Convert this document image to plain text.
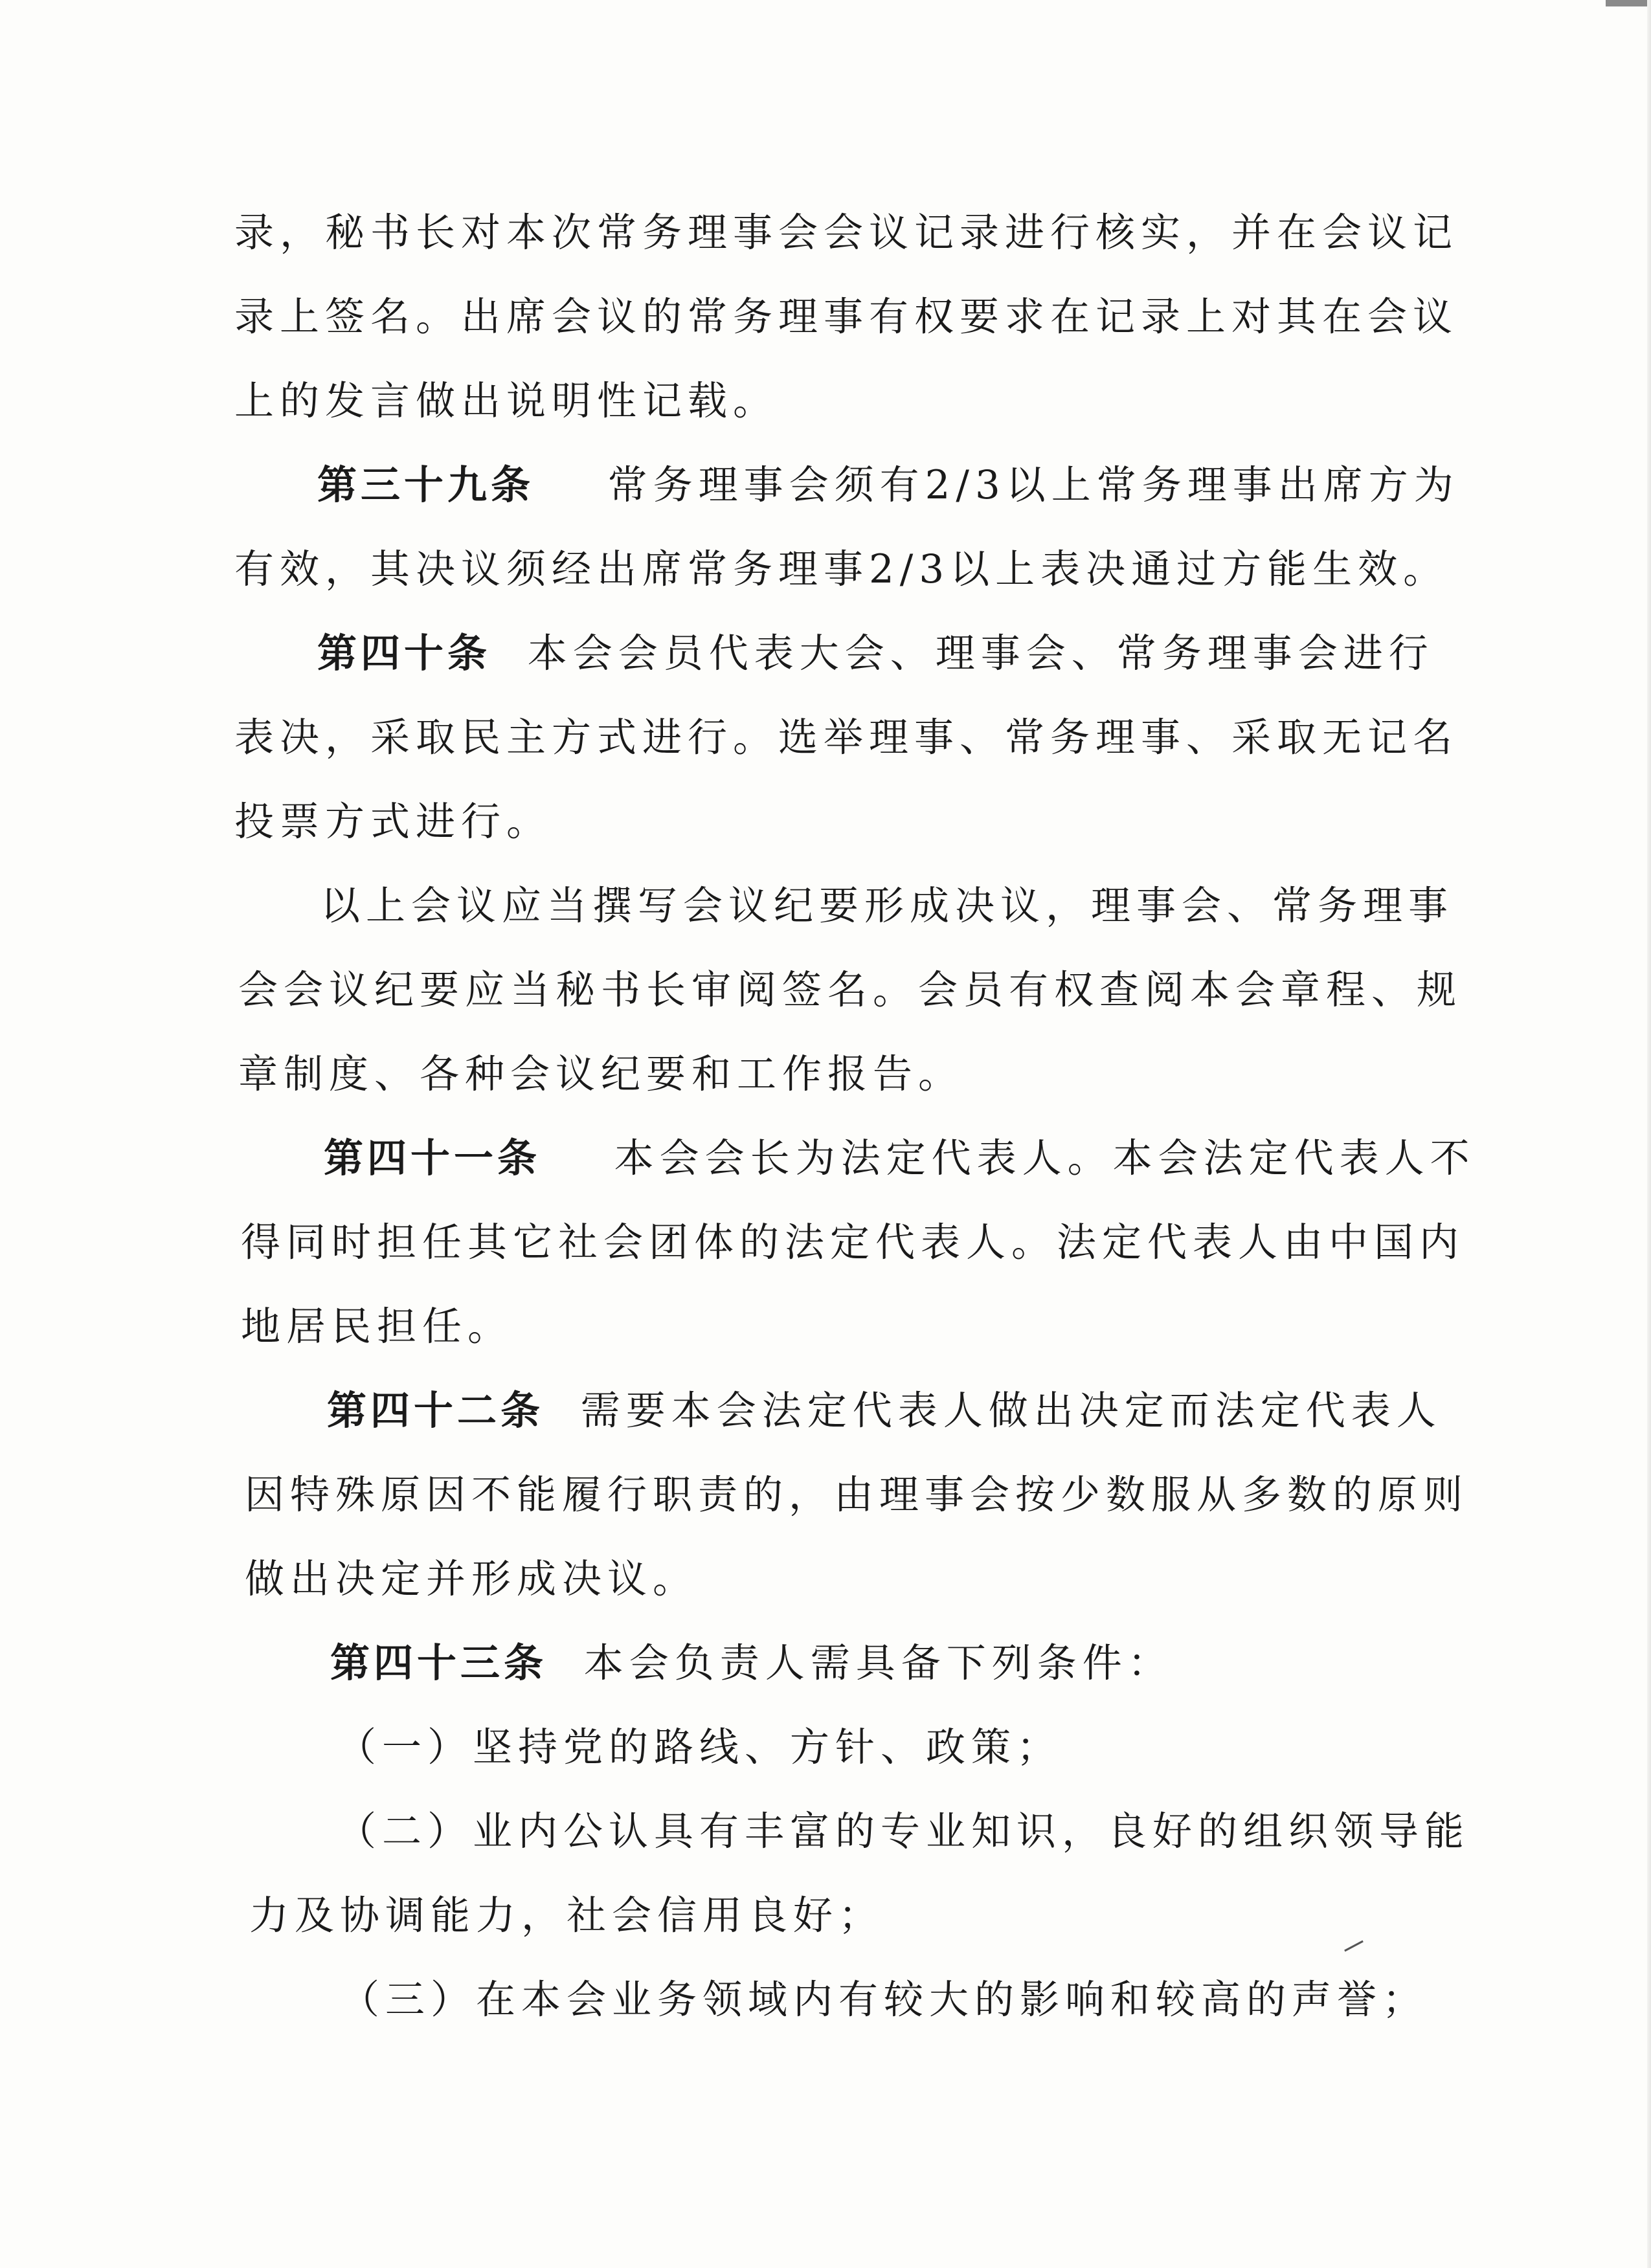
录，秘书长对本次常务理事会会议记录进行核实，并在会议记

录上签名。出席会议的常务理事有权要求在记录上对其在会议

上的发言做出说明性记载。

第三十九条 常务理事会须有2/3以上常务理事出席方为

有效，其决议须经出席常务理事2/3以上表决通过方能生效。

第四十条 本会会员代表大会、理事会、常务理事会进行

表决，采取民主方式进行。选举理事、常务理事、采取无记名

投票方式进行。

以上会议应当撰写会议纪要形成决议，理事会、常务理事

会会议纪要应当秘书长审阅签名。会员有权查阅本会章程、规

章制度、各种会议纪要和工作报告。

第四十一条 本会会长为法定代表人。本会法定代表人不

得同时担任其它社会团体的法定代表人。法定代表人由中国内

地居民担任。

第四十二条 需要本会法定代表人做出决定而法定代表人

因特殊原因不能履行职责的，由理事会按少数服从多数的原则

做出决定并形成决议。

第四十三条 本会负责人需具备下列条件：

（一）坚持党的路线、方针、政策；

（二）业内公认具有丰富的专业知识，良好的组织领导能

力及协调能力，社会信用良好；

（三）在本会业务领域内有较大的影响和较高的声誉；
